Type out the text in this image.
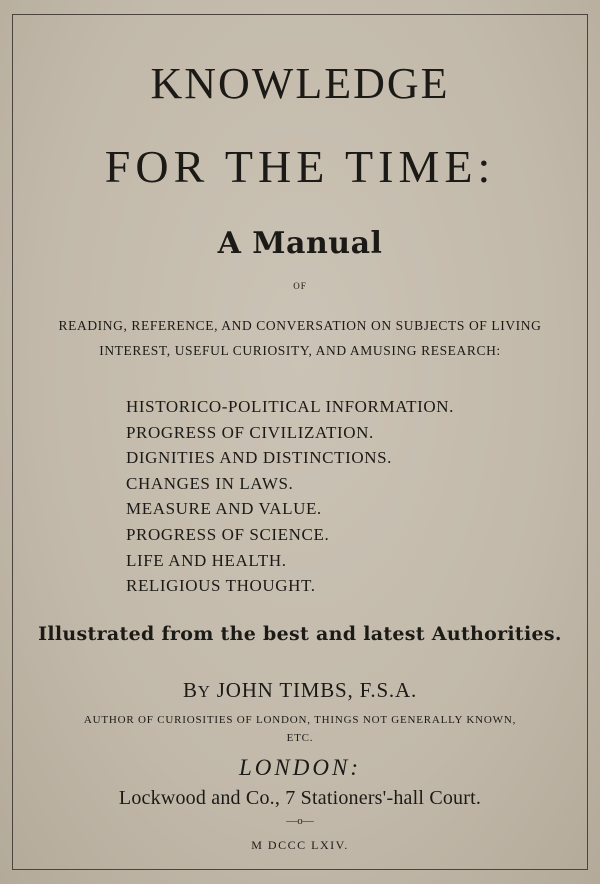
KNOWLEDGE
FOR THE TIME:
A Manual
OF
READING, REFERENCE, AND CONVERSATION ON SUBJECTS OF LIVING
INTEREST, USEFUL CURIOSITY, AND AMUSING RESEARCH:
HISTORICO-POLITICAL INFORMATION.
PROGRESS OF CIVILIZATION.
DIGNITIES AND DISTINCTIONS.
CHANGES IN LAWS.
MEASURE AND VALUE.
PROGRESS OF SCIENCE.
LIFE AND HEALTH.
RELIGIOUS THOUGHT.
Illustrated from the best and latest Authorities.
BY JOHN TIMBS, F.S.A.
AUTHOR OF CURIOSITIES OF LONDON, THINGS NOT GENERALLY KNOWN,
ETC.
LONDON:
Lockwood and Co., 7 Stationers'-hall Court.
—o—
M DCCC LXIV.
